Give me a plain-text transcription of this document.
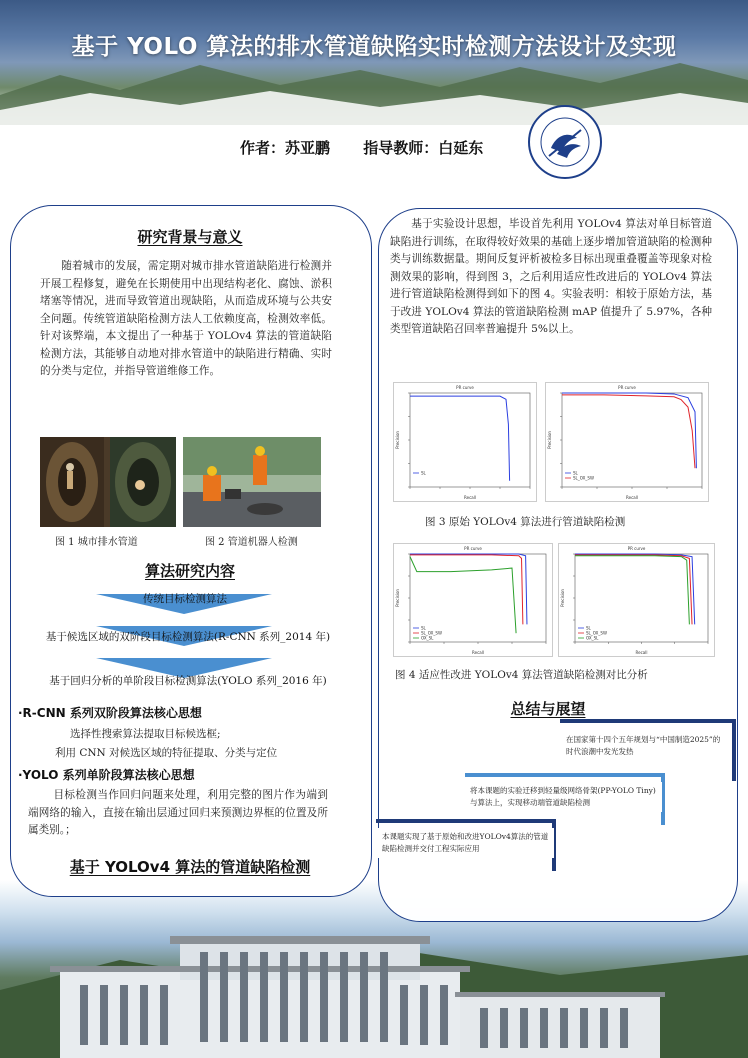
基于 YOLO 算法的排水管道缺陷实时检测方法设计及实现
作者：苏亚鹏 指导教师：白延东
研究背景与意义
随着城市的发展，需定期对城市排水管道缺陷进行检测并开展工程修复，避免在长期使用中出现结构老化、腐蚀、淤积堵塞等情况，进而导致管道出现缺陷，从而造成环境与公共安全问题。传统管道缺陷检测方法人工依赖度高，检测效率低。针对该弊端，本文提出了一种基于 YOLOv4 算法的管道缺陷检测方法，其能够自动地对排水管道中的缺陷进行精确、实时的分类与定位，并指导管道维修工作。
图 1 城市排水管道	图 2 管道机器人检测
算法研究内容
传统目标检测算法
基于候选区域的双阶段目标检测算法(R-CNN 系列_2014 年)
基于回归分析的单阶段目标检测算法(YOLO 系列_2016 年)
·R-CNN 系列双阶段算法核心思想
选择性搜索算法提取目标候选框;
利用 CNN 对候选区域的特征提取、分类与定位
·YOLO 系列单阶段算法核心思想
目标检测当作回归问题来处理，利用完整的图片作为端到端网络的输入，直接在输出层通过回归来预测边界框的位置及所属类别。；
基于 YOLOv4 算法的管道缺陷检测
基于实验设计思想，毕设首先利用 YOLOv4 算法对单目标管道缺陷进行训练，在取得较好效果的基础上逐步增加管道缺陷的检测种类与训练数据量。期间反复评析被检多目标出现重叠覆盖等现象对检测效果的影响，得到图 3，之后利用适应性改进后的 YOLOv4 算法进行管道缺陷检测得到如下的图 4。实验表明：相较于原始方法，基于改进 YOLOv4 算法的管道缺陷检测 mAP 值提升了 5.97%，各种类型管道缺陷召回率普遍提升 5%以上。
PR curve
SL
Recall
Precision
PR curve
SL
SL_OX_SW
Recall
Precision
图 3 原始 YOLOv4 算法进行管道缺陷检测
PR curve
SL
SL_OX_SW
OX_SL
Recall
Precision
PR curve
SL
SL_OX_SW
OX_SL
Recall
Precision
图 4 适应性改进 YOLOv4 算法管道缺陷检测对比分析
总结与展望
在国家第十四个五年规划与“中国制造2025”的时代浪潮中发光发热
将本课题的实验迁移到轻量级网络骨架(PP-YOLO Tiny)与算法上，实现移动端管道缺陷检测
本课题实现了基于原始和改进YOLOv4算法的管道缺陷检测并交付工程实际应用
